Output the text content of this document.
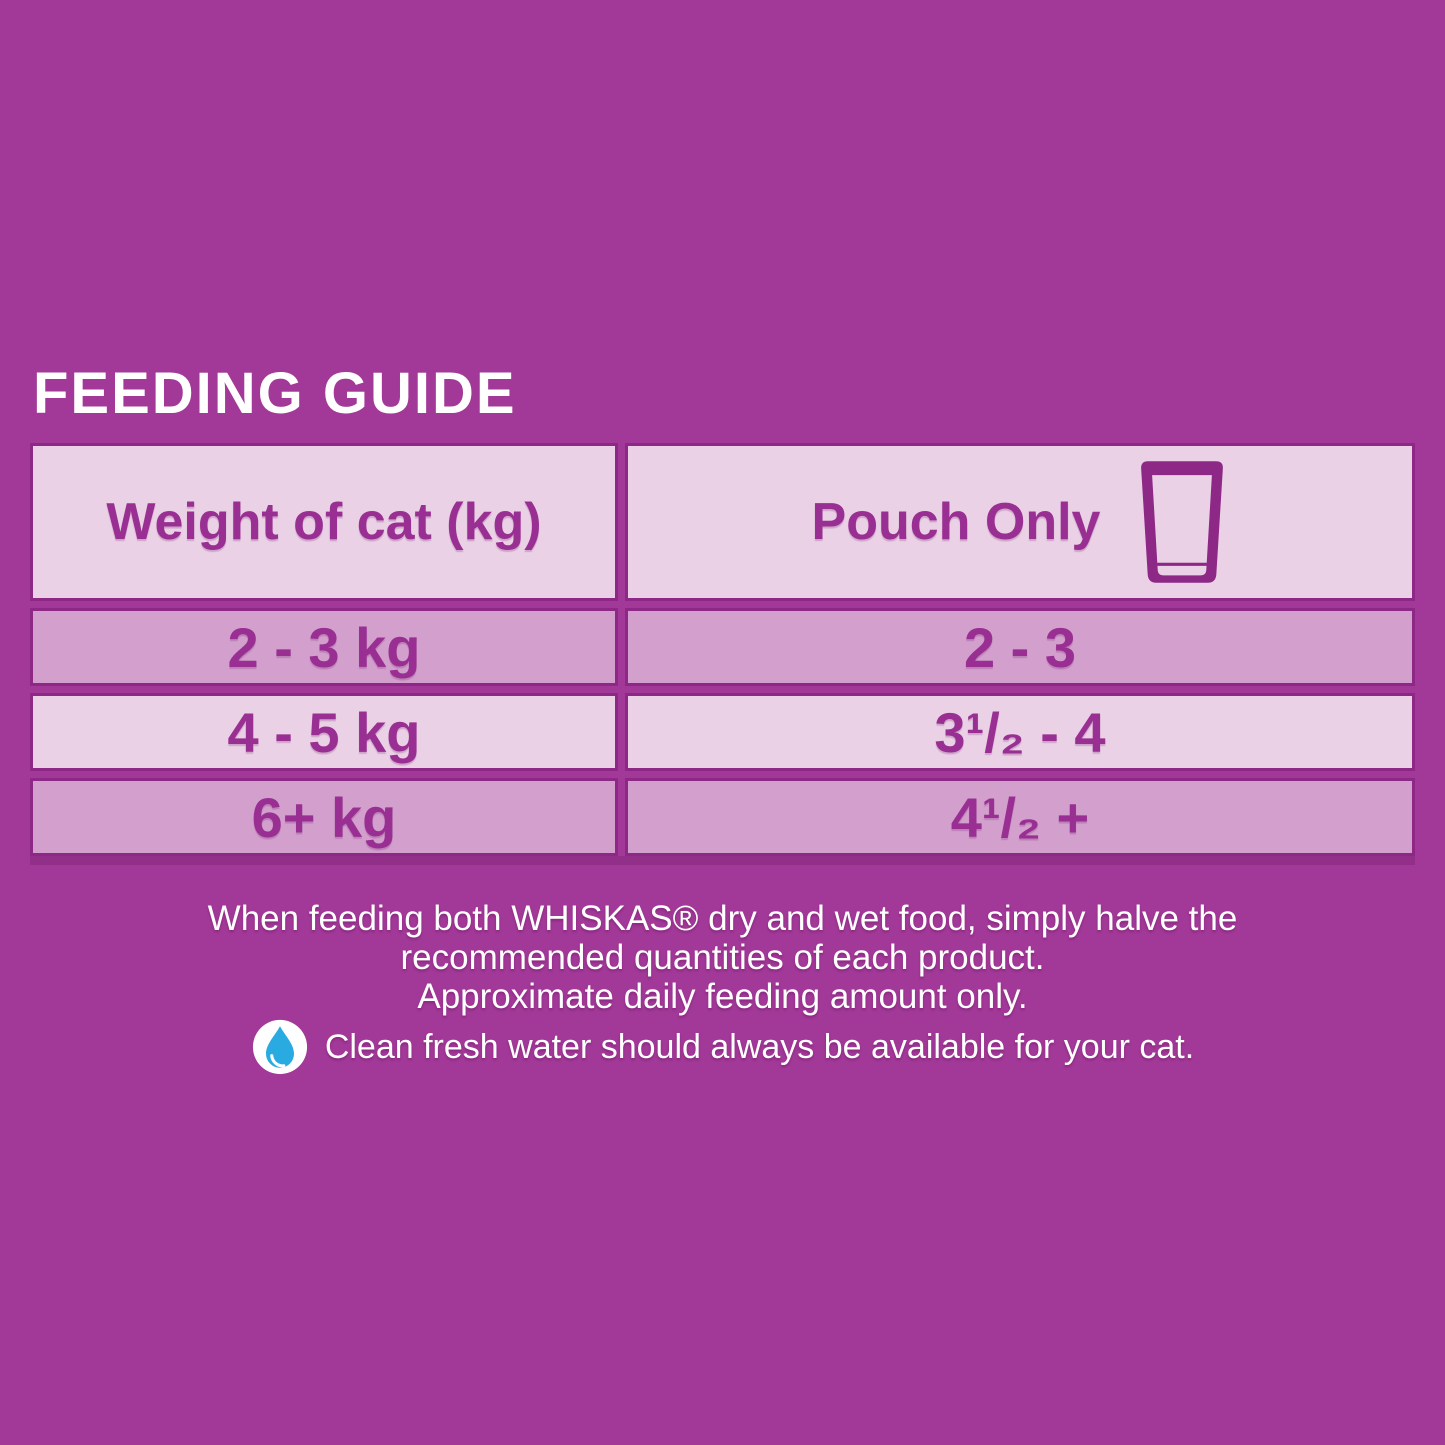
FEEDING GUIDE
Weight of cat (kg)	Pouch Only
2 - 3 kg	2 - 3
4 - 5 kg	3¹/₂ - 4
6+ kg	4¹/₂ +
When feeding both WHISKAS® dry and wet food, simply halve the
recommended quantities of each product.
Approximate daily feeding amount only.
Clean fresh water should always be available for your cat.
